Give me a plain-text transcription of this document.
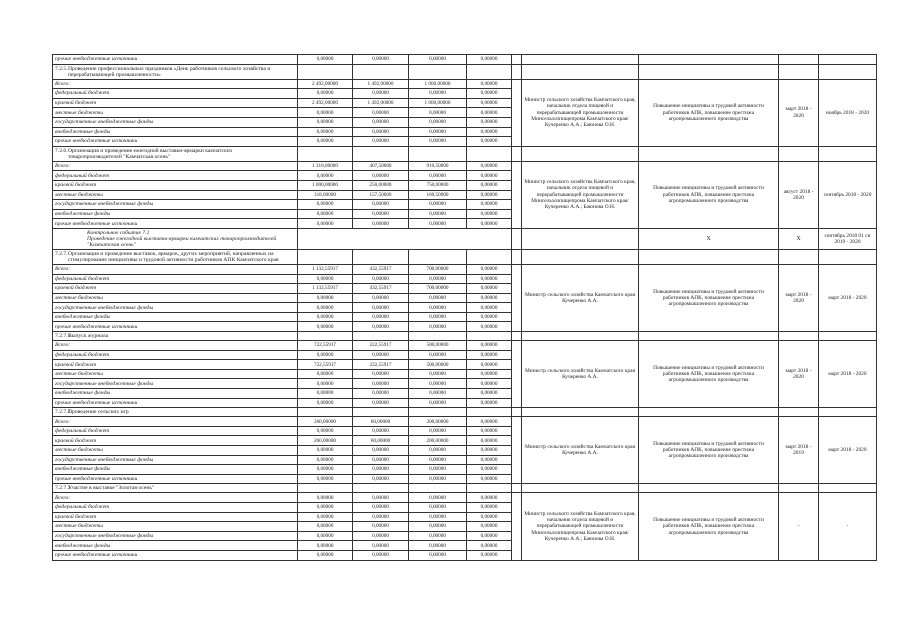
прочие внебюджетные источники	0,00000	0,00000	0,00000	0,00000					
7.2.5.Проведение профессиональных праздников «День работников сельского хозяйства и перерабатывающей промышленности»									
Всего:	2 492,00000	1 492,00000	1 000,00000	0,00000		Министр сельского хозяйства Камчатского края, начальник отдела пищевой и перерабатывающей промышленности Минсельхозпищепрома Камчатского края/Кучеренко А.А.; Баюнова О.Н.	Повышение инициативы и трудовой активности работников АПК, повышение престижа агропромышленного производства	март 2018 - 2020	ноябрь 2018 - 2020
федеральный бюджет	0,00000	0,00000	0,00000	0,00000					
краевой бюджет	2 492,00000	1 492,00000	1 000,00000	0,00000					
местные бюджеты	0,00000	0,00000	0,00000	0,00000					
государственные внебюджетные фонды	0,00000	0,00000	0,00000	0,00000					
внебюджетные фонды	0,00000	0,00000	0,00000	0,00000					
прочие внебюджетные источники	0,00000	0,00000	0,00000	0,00000					
7.2.6.Организация и проведение ежегодной выставки-ярмарки камчатских товаропроизводителей "Камчатская осень"									
Всего:	1 318,00000	407,50000	910,50000	0,00000		Министр сельского хозяйства Камчатского края, начальник отдела пищевой и перерабатывающей промышленности Минсельхозпищепрома Камчатского края/Кучеренко А.А.; Баюнова О.Н.	Повышение инициативы и трудовой активности работников АПК, повышение престижа агропромышленного производства	август 2018 - 2020	сентябрь 2018 - 2020
федеральный бюджет	0,00000	0,00000	0,00000	0,00000					
краевой бюджет	1 000,00000	250,00000	750,00000	0,00000					
местные бюджеты	318,00000	157,50000	160,50000	0,00000					
государственные внебюджетные фонды	0,00000	0,00000	0,00000	0,00000					
внебюджетные фонды	0,00000	0,00000	0,00000	0,00000					
прочие внебюджетные источники	0,00000	0,00000	0,00000	0,00000					

Контрольное событие 7.1
Проведение ежегодной выставки-ярмарки камчатских товаропроизводителей "Камчатская осень"							X	X	сентябрь 2018 01 сн 2019 - 2020
7.2.7.Организация и проведение выставок, ярмарок, других мероприятий, направленных на стимулирование инициативы и трудовой активности работников АПК Камчатского края									
Всего:	1 132,55917	432,55917	700,00000	0,00000		Министр сельского хозяйства Камчатского края Кучеренко А.А.	Повышение инициативы и трудовой активности работников АПК, повышение престижа агропромышленного производства	март 2018 - 2020	март 2018 - 2020
федеральный бюджет	0,00000	0,00000	0,00000	0,00000					
краевой бюджет	1 132,55917	432,55917	700,00000	0,00000					
местные бюджеты	0,00000	0,00000	0,00000	0,00000					
государственные внебюджетные фонды	0,00000	0,00000	0,00000	0,00000					
внебюджетные фонды	0,00000	0,00000	0,00000	0,00000					
прочие внебюджетные источники	0,00000	0,00000	0,00000	0,00000					
7.2.7.1.Выпуск журнала									
Всего:	722,55917	222,55917	500,00000	0,00000		Министр сельского хозяйства Камчатского края Кучеренко А.А.	Повышение инициативы и трудовой активности работников АПК, повышение престижа агропромышленного производства	март 2018 - 2020	март 2018 - 2020
федеральный бюджет	0,00000	0,00000	0,00000	0,00000					
краевой бюджет	722,55917	222,55917	500,00000	0,00000					
местные бюджеты	0,00000	0,00000	0,00000	0,00000					
государственные внебюджетные фонды	0,00000	0,00000	0,00000	0,00000					
внебюджетные фонды	0,00000	0,00000	0,00000	0,00000					
прочие внебюджетные источники	0,00000	0,00000	0,00000	0,00000					
7.2.7.2.Проведение сельских игр									
Всего:	260,00000	60,00000	200,00000	0,00000		Министр сельского хозяйства Камчатского края Кучеренко А.А.	Повышение инициативы и трудовой активности работников АПК, повышение престижа агропромышленного производства	март 2018 - 2019	март 2018 - 2020
федеральный бюджет	0,00000	0,00000	0,00000	0,00000					
краевой бюджет	260,00000	60,00000	200,00000	0,00000					
местные бюджеты	0,00000	0,00000	0,00000	0,00000					
государственные внебюджетные фонды	0,00000	0,00000	0,00000	0,00000					
внебюджетные фонды	0,00000	0,00000	0,00000	0,00000					
прочие внебюджетные источники	0,00000	0,00000	0,00000	0,00000					
7.2.7.3.Участие в выставке "Золотая осень"									
Всего:	0,00000	0,00000	0,00000	0,00000		Министр сельского хозяйства Камчатского края, начальник отдела пищевой и перерабатывающей промышленности Минсельхозпищепрома Камчатского края/Кучеренко А.А.; Баюнова О.Н.	Повышение инициативы и трудовой активности работников АПК, повышение престижа агропромышленного производства	-	-
федеральный бюджет	0,00000	0,00000	0,00000	0,00000					
краевой бюджет	0,00000	0,00000	0,00000	0,00000					
местные бюджеты	0,00000	0,00000	0,00000	0,00000					
государственные внебюджетные фонды	0,00000	0,00000	0,00000	0,00000					
внебюджетные фонды	0,00000	0,00000	0,00000	0,00000					
прочие внебюджетные источники	0,00000	0,00000	0,00000	0,00000					
